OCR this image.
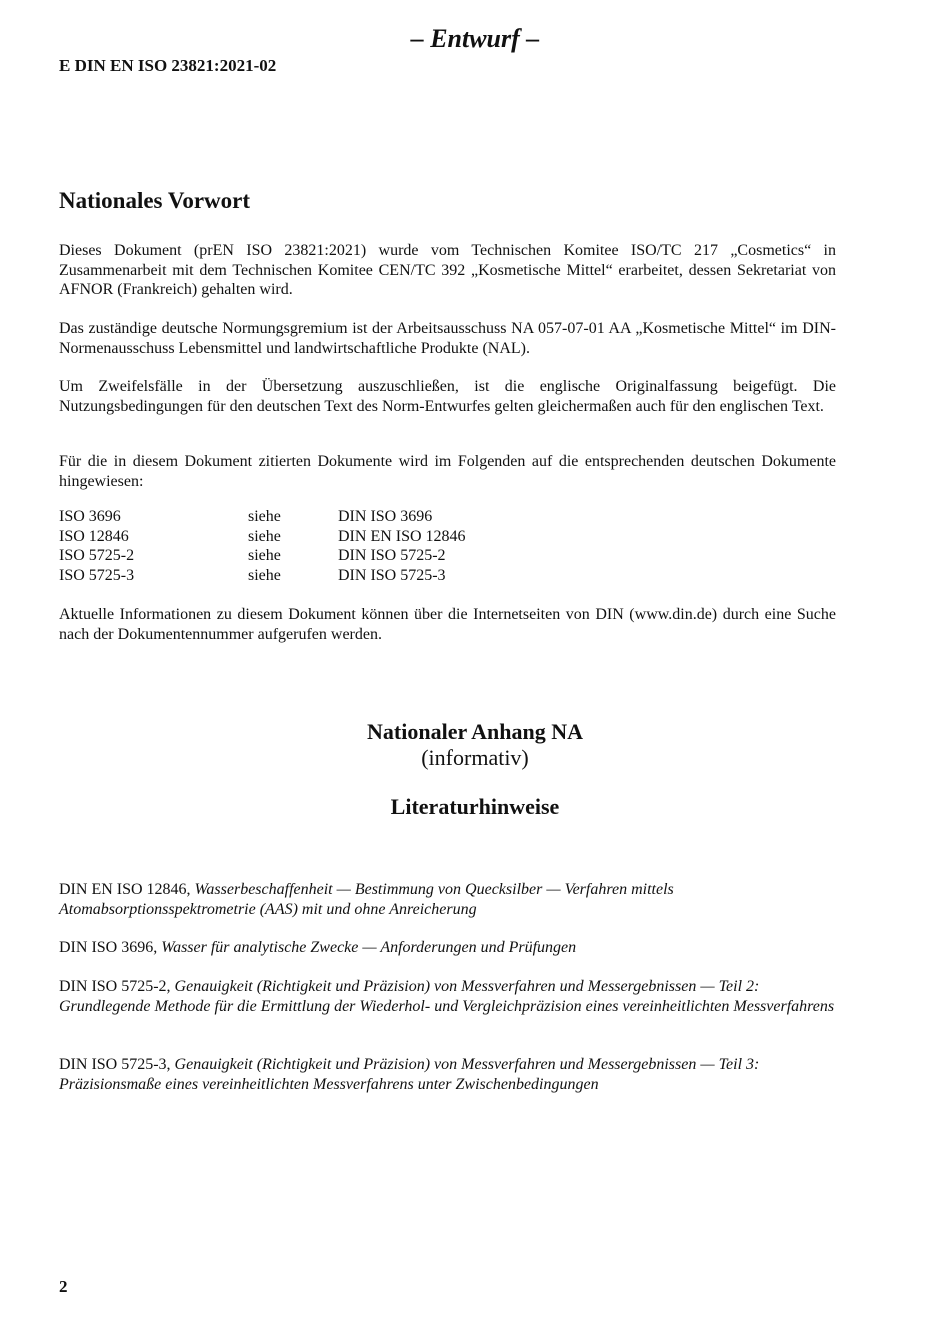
– Entwurf –
E DIN EN ISO 23821:2021-02
Nationales Vorwort

Dieses Dokument (prEN ISO 23821:2021) wurde vom Technischen Komitee ISO/TC 217 „Cosmetics“ in Zusammenarbeit mit dem Technischen Komitee CEN/TC 392 „Kosmetische Mittel“ erarbeitet, dessen Sekretariat von AFNOR (Frankreich) gehalten wird.

Das zuständige deutsche Normungsgremium ist der Arbeitsausschuss NA 057-07-01 AA „Kosmetische Mittel“ im DIN-Normenausschuss Lebensmittel und landwirtschaftliche Produkte (NAL).

Um Zweifelsfälle in der Übersetzung auszuschließen, ist die englische Originalfassung beigefügt. Die Nutzungsbedingungen für den deutschen Text des Norm-Entwurfes gelten gleichermaßen auch für den englischen Text.

Für die in diesem Dokument zitierten Dokumente wird im Folgenden auf die entsprechenden deutschen Dokumente hingewiesen:

ISO 3696	siehe	DIN ISO 3696
ISO 12846	siehe	DIN EN ISO 12846
ISO 5725-2	siehe	DIN ISO 5725-2
ISO 5725-3	siehe	DIN ISO 5725-3

Aktuelle Informationen zu diesem Dokument können über die Internetseiten von DIN (www.din.de) durch eine Suche nach der Dokumentennummer aufgerufen werden.

Nationaler Anhang NA
(informativ)
Literaturhinweise

DIN EN ISO 12846, Wasserbeschaffenheit — Bestimmung von Quecksilber — Verfahren mittels Atomabsorptionsspektrometrie (AAS) mit und ohne Anreicherung

DIN ISO 3696, Wasser für analytische Zwecke — Anforderungen und Prüfungen

DIN ISO 5725-2, Genauigkeit (Richtigkeit und Präzision) von Messverfahren und Messergebnissen — Teil 2: Grundlegende Methode für die Ermittlung der Wiederhol- und Vergleichpräzision eines vereinheitlichten Messverfahrens

DIN ISO 5725-3, Genauigkeit (Richtigkeit und Präzision) von Messverfahren und Messergebnissen — Teil 3: Präzisionsmaße eines vereinheitlichten Messverfahrens unter Zwischenbedingungen

2
